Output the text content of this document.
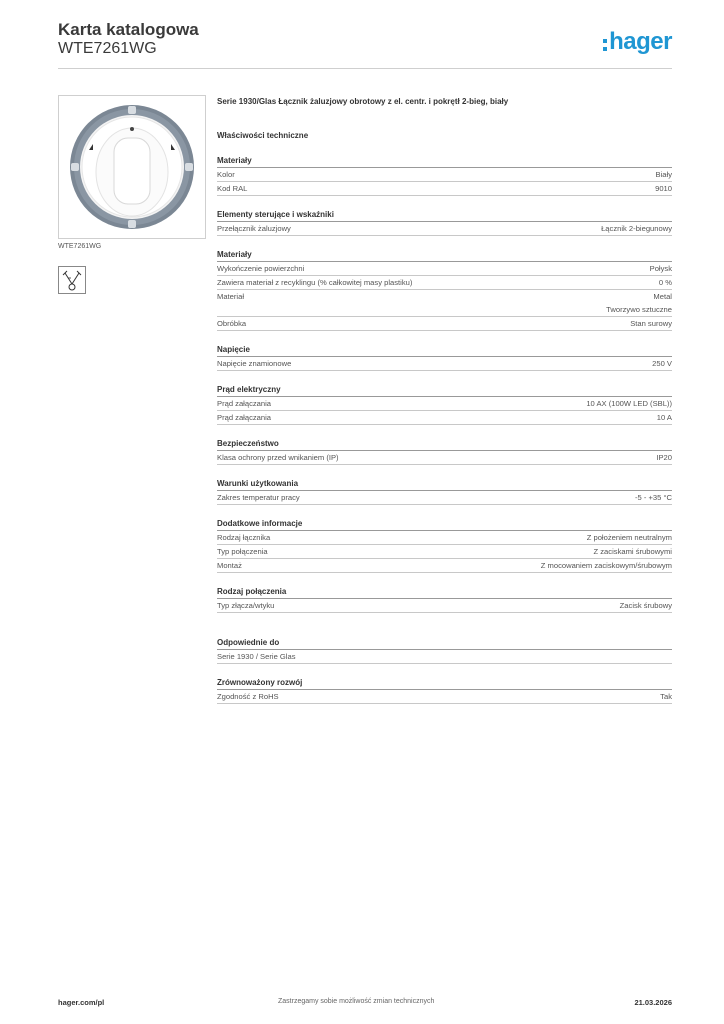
Karta katalogowa
WTE7261WG	hager
WTE7261WG
Serie 1930/Glas Łącznik żaluzjowy obrotowy z el. centr. i pokrętł 2-bieg, biały
Właściwości techniczne
Materiały
Kolor	Biały
Kod RAL	9010
Elementy sterujące i wskaźniki
Przełącznik żaluzjowy	Łącznik 2-biegunowy
Materiały
Wykończenie powierzchni	Połysk
Zawiera materiał z recyklingu (% całkowitej masy plastiku)	0 %
Materiał	Metal
Tworzywo sztuczne
Obróbka	Stan surowy
Napięcie
Napięcie znamionowe	250 V
Prąd elektryczny
Prąd załączania	10 AX (100W LED (SBL))
Prąd załączania	10 A
Bezpieczeństwo
Klasa ochrony przed wnikaniem (IP)	IP20
Warunki użytkowania
Zakres temperatur pracy	-5 - +35 °C
Dodatkowe informacje
Rodzaj łącznika	Z położeniem neutralnym
Typ połączenia	Z zaciskami śrubowymi
Montaż	Z mocowaniem zaciskowym/śrubowym
Rodzaj połączenia
Typ złącza/wtyku	Zacisk śrubowy
Odpowiednie do
Serie 1930 / Serie Glas
Zrównoważony rozwój
Zgodność z RoHS	Tak
hager.com/pl	Zastrzegamy sobie możliwość zmian technicznych	21.03.2026
